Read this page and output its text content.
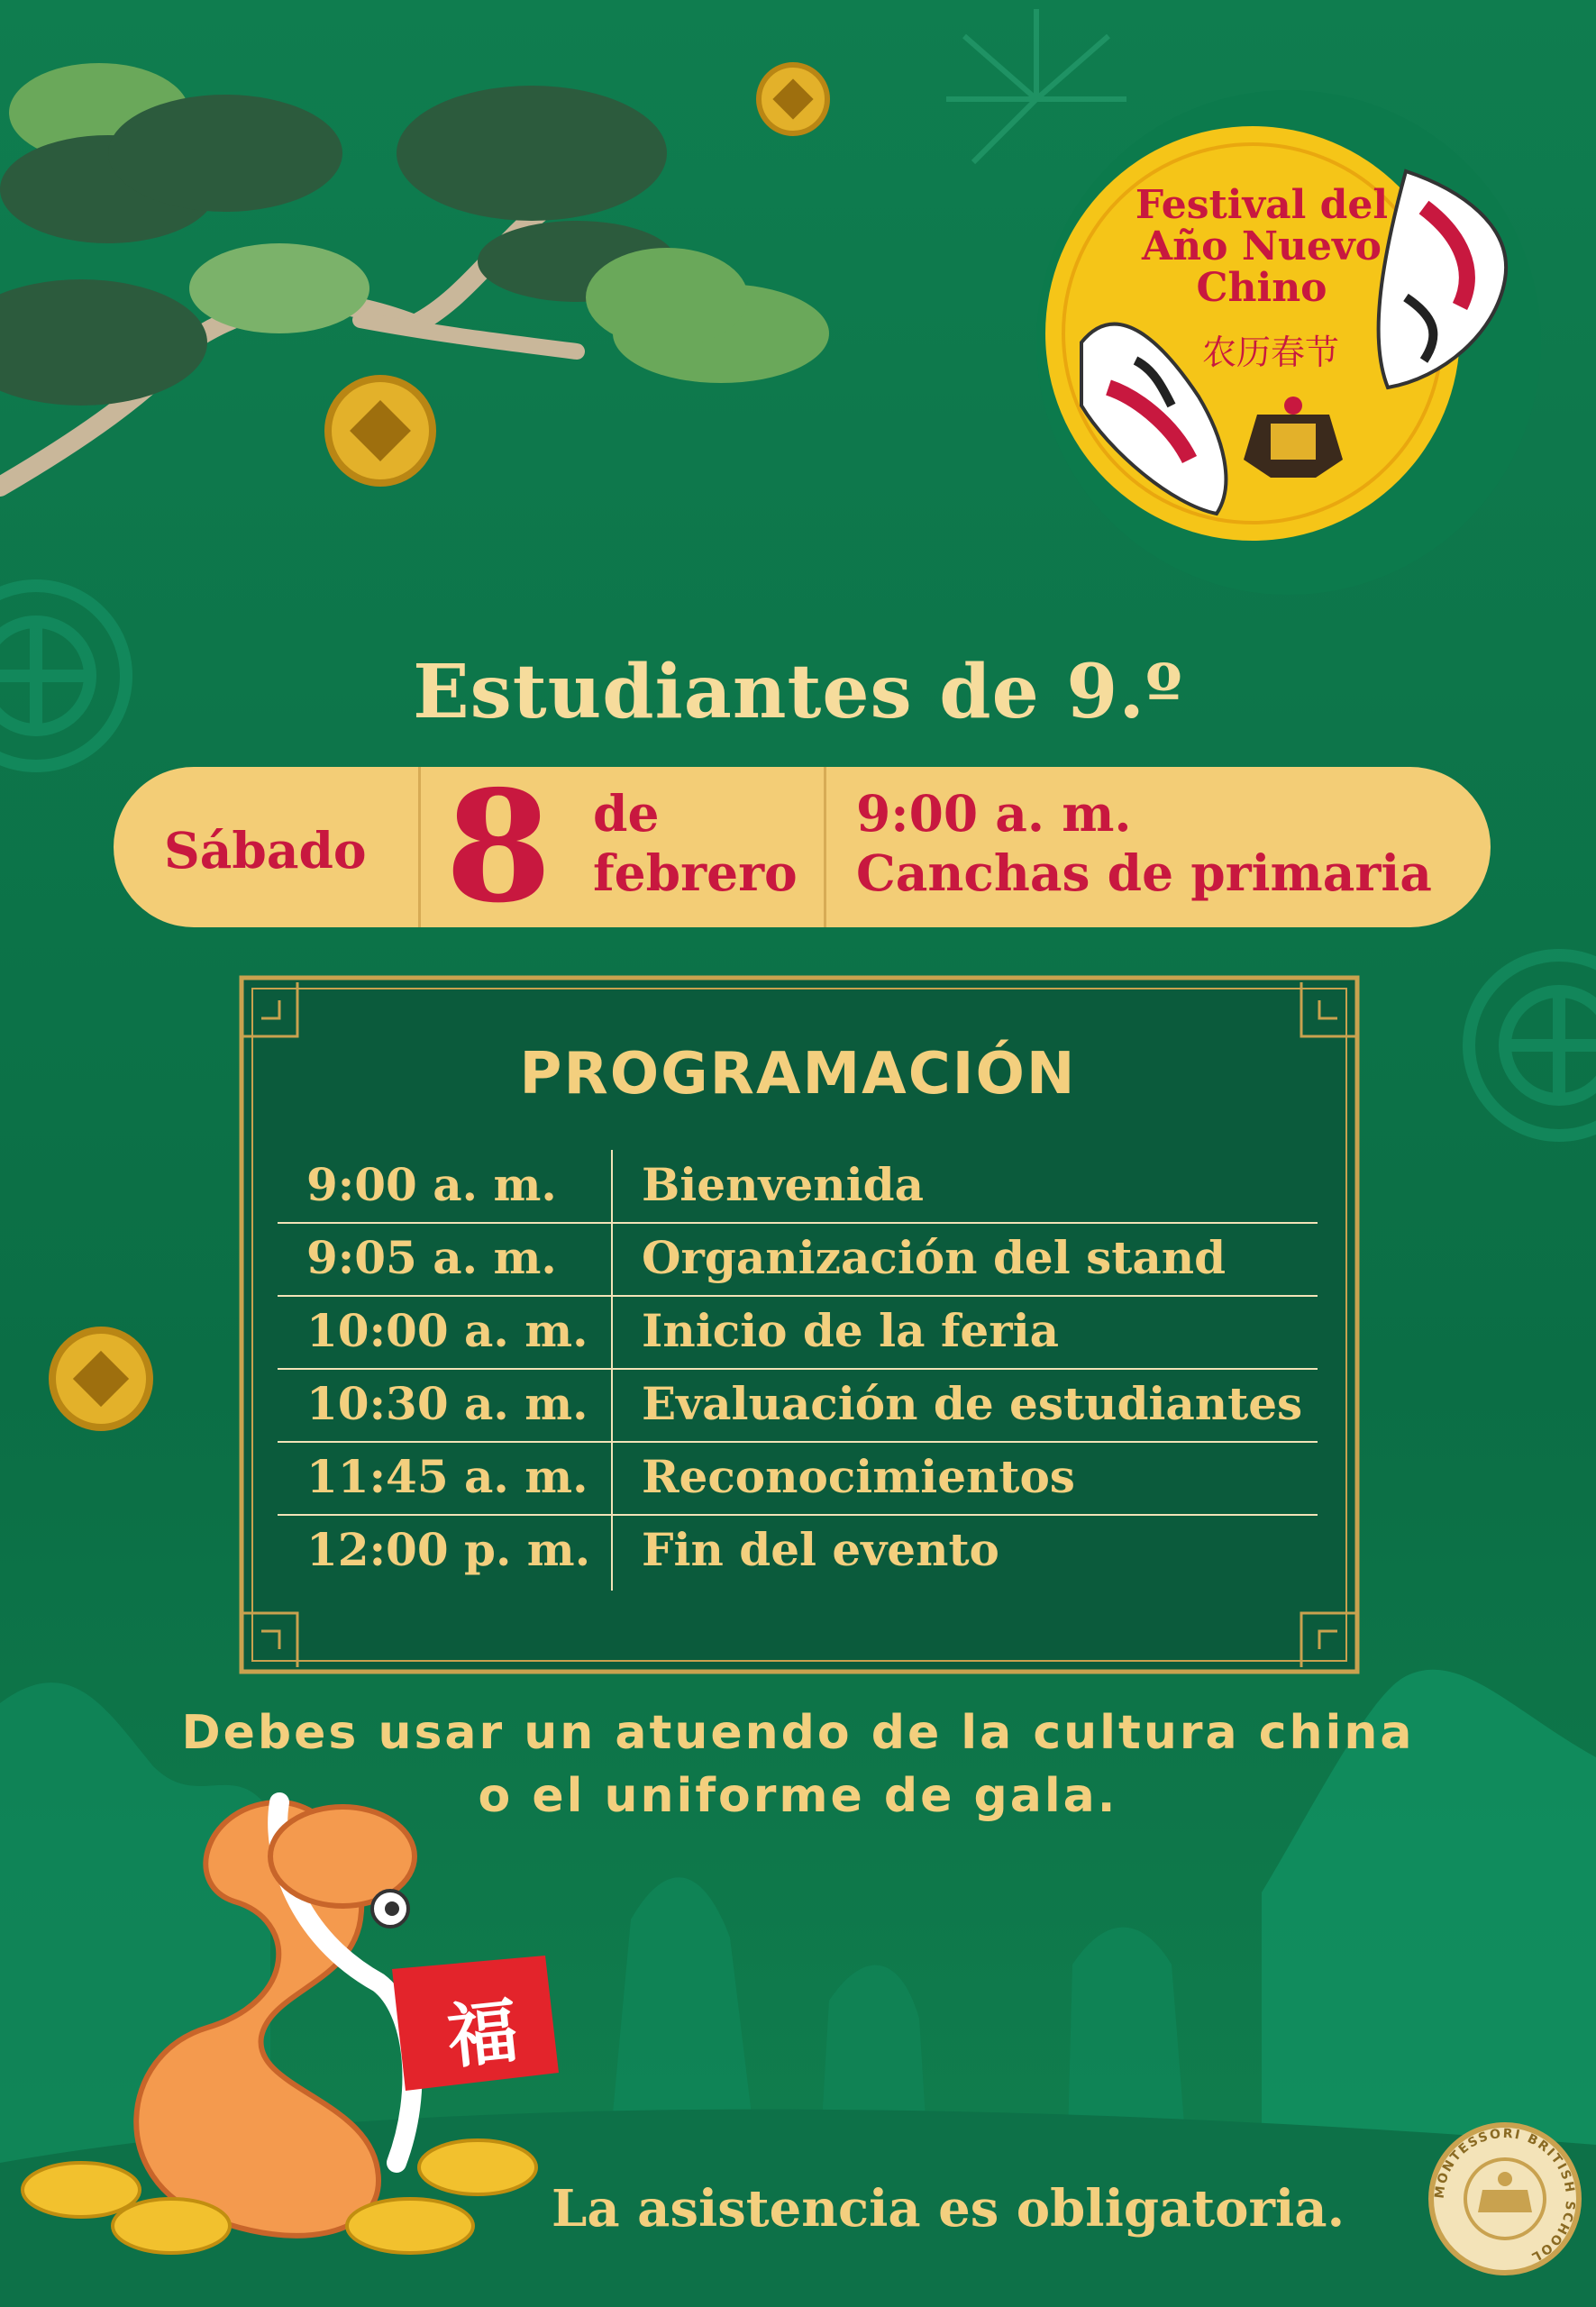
Festival del
Año Nuevo
Chino
农历春节
Estudiantes de 9.º
Sábado 8 de
febrero
9:00 a. m.
Canchas de primaria
PROGRAMACIÓN
9:00 a. m. Bienvenida
9:05 a. m. Organización del stand
10:00 a. m. Inicio de la feria
10:30 a. m. Evaluación de estudiantes
11:45 a. m. Reconocimientos
12:00 p. m. Fin del evento
Debes usar un atuendo de la cultura china
o el uniforme de gala.
福
La asistencia es obligatoria.	MONTESSORI BRITISH SCHOOL
